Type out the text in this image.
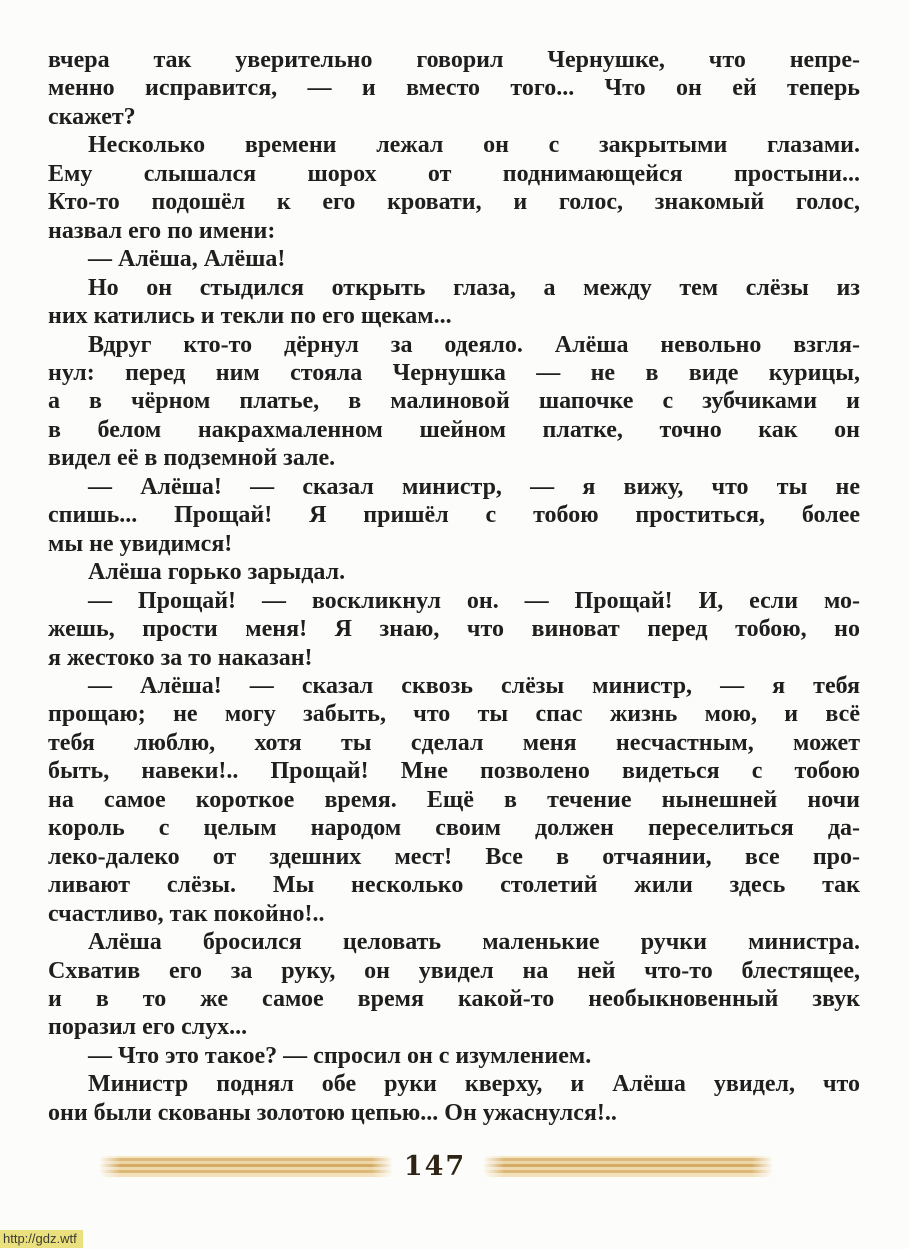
вчера так уверительно говорил Чернушке, что непре-
менно исправится, — и вместо того... Что он ей теперь
скажет?
Несколько времени лежал он с закрытыми глазами.
Ему слышался шорох от поднимающейся простыни...
Кто-то подошёл к его кровати, и голос, знакомый голос,
назвал его по имени:
— Алёша, Алёша!
Но он стыдился открыть глаза, а между тем слёзы из
них катились и текли по его щекам...
Вдруг кто-то дёрнул за одеяло. Алёша невольно взгля-
нул: перед ним стояла Чернушка — не в виде курицы,
а в чёрном платье, в малиновой шапочке с зубчиками и
в белом накрахмаленном шейном платке, точно как он
видел её в подземной зале.
— Алёша! — сказал министр, — я вижу, что ты не
спишь... Прощай! Я пришёл с тобою проститься, более
мы не увидимся!
Алёша горько зарыдал.
— Прощай! — воскликнул он. — Прощай! И, если мо-
жешь, прости меня! Я знаю, что виноват перед тобою, но
я жестоко за то наказан!
— Алёша! — сказал сквозь слёзы министр, — я тебя
прощаю; не могу забыть, что ты спас жизнь мою, и всё
тебя люблю, хотя ты сделал меня несчастным, может
быть, навеки!.. Прощай! Мне позволено видеться с тобою
на самое короткое время. Ещё в течение нынешней ночи
король с целым народом своим должен переселиться да-
леко-далеко от здешних мест! Все в отчаянии, все про-
ливают слёзы. Мы несколько столетий жили здесь так
счастливо, так покойно!..
Алёша бросился целовать маленькие ручки министра.
Схватив его за руку, он увидел на ней что-то блестящее,
и в то же самое время какой-то необыкновенный звук
поразил его слух...
— Что это такое? — спросил он с изумлением.
Министр поднял обе руки кверху, и Алёша увидел, что
они были скованы золотою цепью... Он ужаснулся!..
147
http://gdz.wtf
